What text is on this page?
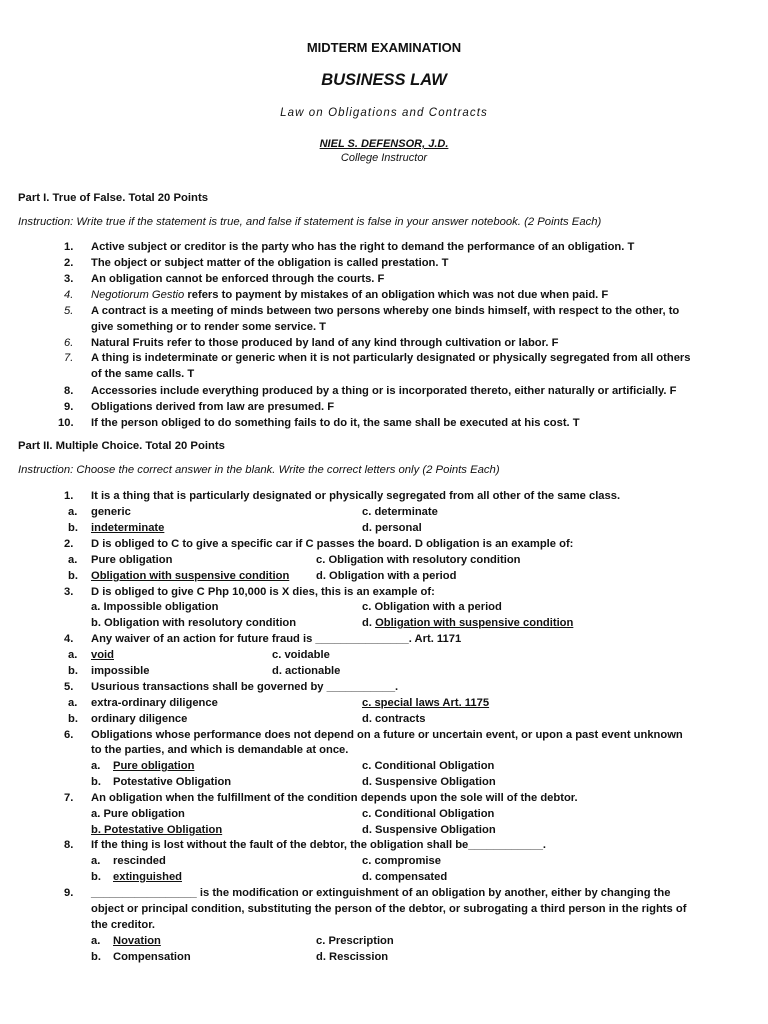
MIDTERM EXAMINATION
BUSINESS LAW
Law on Obligations and Contracts
NIEL S. DEFENSOR, J.D.
College Instructor
Part I. True of False. Total 20 Points
Instruction: Write true if the statement is true, and false if statement is false in your answer notebook. (2 Points Each)
1. Active subject or creditor is the party who has the right to demand the performance of an obligation. T
2. The object or subject matter of the obligation is called prestation. T
3. An obligation cannot be enforced through the courts. F
4. Negotiorum Gestio refers to payment by mistakes of an obligation which was not due when paid. F
5. A contract is a meeting of minds between two persons whereby one binds himself, with respect to the other, to
give something or to render some service. T
6. Natural Fruits refer to those produced by land of any kind through cultivation or labor. F
7. A thing is indeterminate or generic when it is not particularly designated or physically segregated from all others
of the same calls. T
8. Accessories include everything produced by a thing or is incorporated thereto, either naturally or artificially. F
9. Obligations derived from law are presumed. F
10. If the person obliged to do something fails to do it, the same shall be executed at his cost. T
Part II. Multiple Choice. Total 20 Points
Instruction: Choose the correct answer in the blank. Write the correct letters only (2 Points Each)
1. It is a thing that is particularly designated or physically segregated from all other of the same class.
a. generic	c. determinate
b. indeterminate	d. personal
2. D is obliged to C to give a specific car if C passes the board. D obligation is an example of:
a. Pure obligation	c. Obligation with resolutory condition
b. Obligation with suspensive condition d. Obligation with a period
3. D is obliged to give C Php 10,000 is X dies, this is an example of:
a. Impossible obligation	c. Obligation with a period
b. Obligation with resolutory condition	d. Obligation with suspensive condition
4. Any waiver of an action for future fraud is _______________. Art. 1171
a. void	c. voidable
b. impossible	d. actionable
5. Usurious transactions shall be governed by ___________.
a. extra-ordinary diligence	c. special laws Art. 1175
b. ordinary diligence	d. contracts
6. Obligations whose performance does not depend on a future or uncertain event, or upon a past event unknown
to the parties, and which is demandable at once.
a. Pure obligation	c. Conditional Obligation
b. Potestative Obligation	d. Suspensive Obligation
7. An obligation when the fulfillment of the condition depends upon the sole will of the debtor.
a. Pure obligation	c. Conditional Obligation
b. Potestative Obligation	d. Suspensive Obligation
8. If the thing is lost without the fault of the debtor, the obligation shall be____________.
a. rescinded	c. compromise
b. extinguished	d. compensated
9. _________________ is the modification or extinguishment of an obligation by another, either by changing the
object or principal condition, substituting the person of the debtor, or subrogating a third person in the rights of
the creditor.
a. Novation	c. Prescription
b. Compensation	d. Rescission
